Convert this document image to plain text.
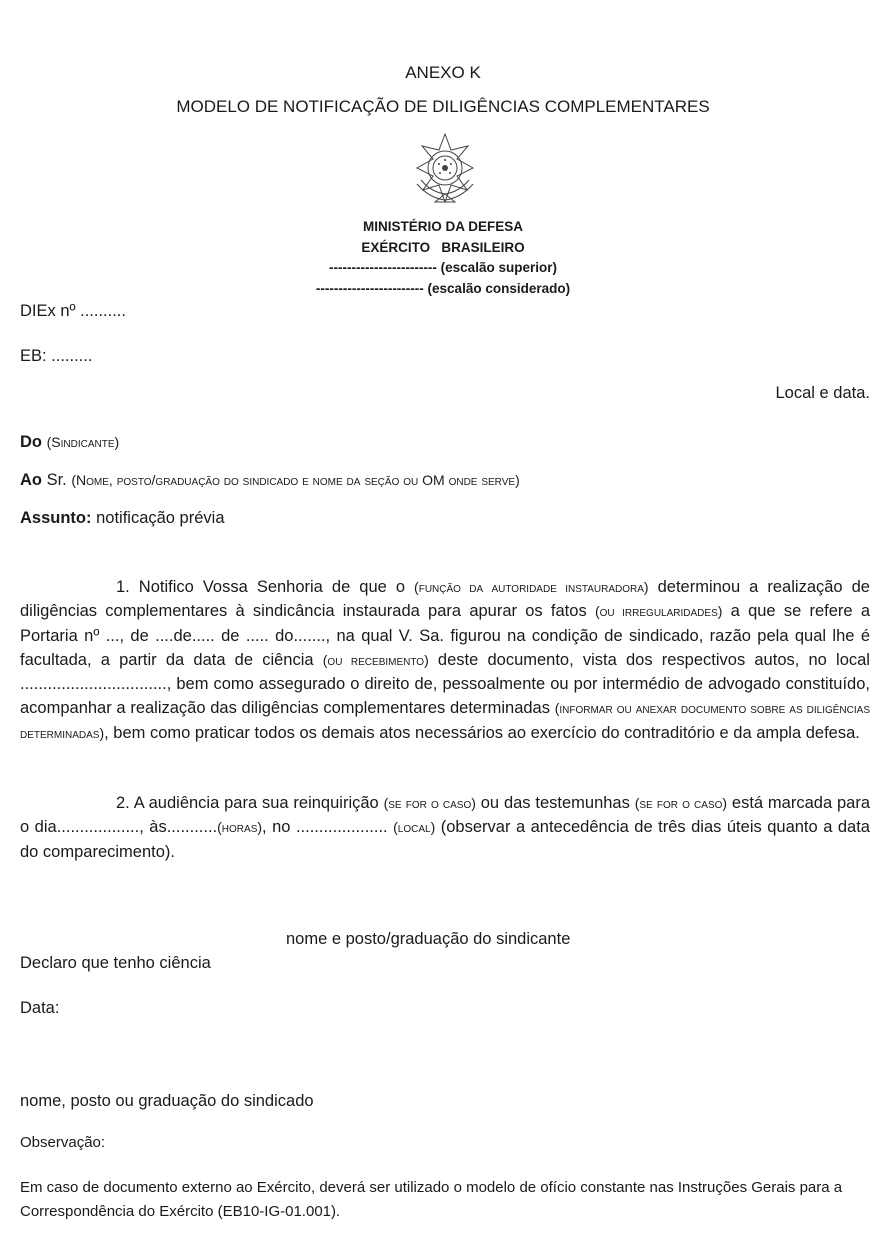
ANEXO K
MODELO DE NOTIFICAÇÃO DE DILIGÊNCIAS COMPLEMENTARES
MINISTÉRIO DA DEFESA
EXÉRCITO   BRASILEIRO
------------------------ (escalão superior)
------------------------ (escalão considerado)
DIEx nº ..........
EB: .........
Local e data.
Do (Sindicante)
Ao Sr. (Nome, posto/graduação do sindicado e nome da seção ou OM onde serve)
Assunto: notificação prévia
1. Notifico Vossa Senhoria de que o (função da autoridade instauradora) determinou a realização de diligências complementares à sindicância instaurada para apurar os fatos (ou irregularidades) a que se refere a Portaria nº ..., de ....de..... de ..... do......., na qual V. Sa. figurou na condição de sindicado, razão pela qual lhe é facultada, a partir da data de ciência (ou recebimento) deste documento, vista dos respectivos autos, no local ................................, bem como assegurado o direito de, pessoalmente ou por intermédio de advogado constituído, acompanhar a realização das diligências complementares determinadas (informar ou anexar documento sobre as diligências determinadas), bem como praticar todos os demais atos necessários ao exercício do contraditório e da ampla defesa.
2. A audiência para sua reinquirição (se for o caso) ou das testemunhas (se for o caso) está marcada para o dia.................., às...........(horas), no .................... (local) (observar a antecedência de três dias úteis quanto a data do comparecimento).
nome e posto/graduação do sindicante
Declaro que tenho ciência
Data:
nome, posto ou graduação do sindicado
Observação:
Em caso de documento externo ao Exército, deverá ser utilizado o modelo de ofício constante nas Instruções Gerais para a Correspondência do Exército (EB10-IG-01.001).
